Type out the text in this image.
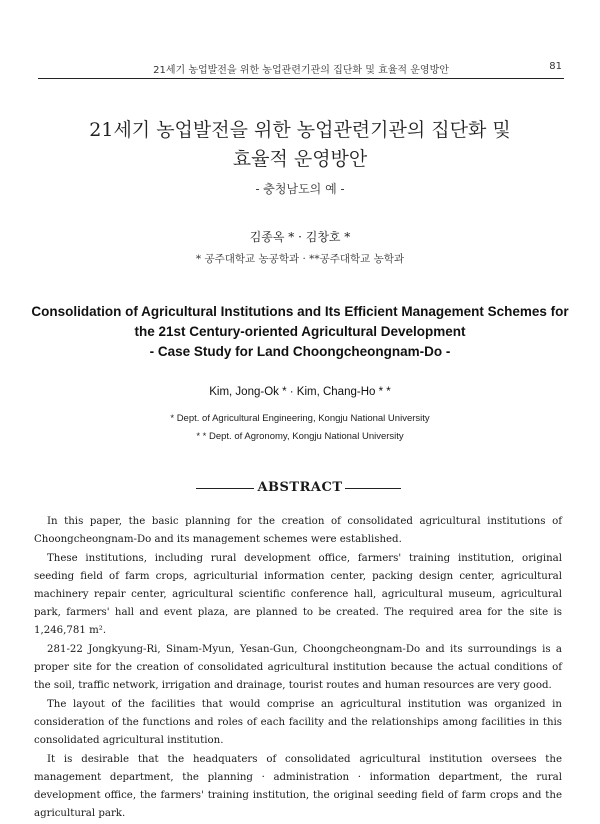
21세기 농업발전을 위한 농업관련기관의 집단화 및 효율적 운영방안	81
21세기 농업발전을 위한 농업관련기관의 집단화 및
효율적 운영방안
- 충청남도의 예 -
김종옥 * · 김창호 *
* 공주대학교 농공학과 · **공주대학교 농학과
Consolidation of Agricultural Institutions and Its Efficient Management Schemes for
the 21st Century-oriented Agricultural Development
- Case Study for Land Choongcheongnam-Do -
Kim, Jong-Ok * · Kim, Chang-Ho * *
* Dept. of Agricultural Engineering, Kongju National University
* * Dept. of Agronomy, Kongju National University
ABSTRACT

In this paper, the basic planning for the creation of consolidated agricultural institutions of Choongcheongnam-Do and its management schemes were established.

These institutions, including rural development office, farmers' training institution, original seeding field of farm crops, agriculturial information center, packing design center, agricultural machinery repair center, agricultural scientific conference hall, agricultural museum, agricultural park, farmers' hall and event plaza, are planned to be created. The required area for the site is 1,246,781 m².

281-22 Jongkyung-Ri, Sinam-Myun, Yesan-Gun, Choongcheongnam-Do and its surroundings is a proper site for the creation of consolidated agricultural institution because the actual conditions of the soil, traffic network, irrigation and drainage, tourist routes and human resources are very good.

The layout of the facilities that would comprise an agricultural institution was organized in consideration of the functions and roles of each facility and the relationships among facilities in this consolidated agricultural institution.

It is desirable that the headquaters of consolidated agricultural institution oversees the management department, the planning · administration · information department, the rural development office, the farmers' training institution, the original seeding field of farm crops and the agricultural park.
